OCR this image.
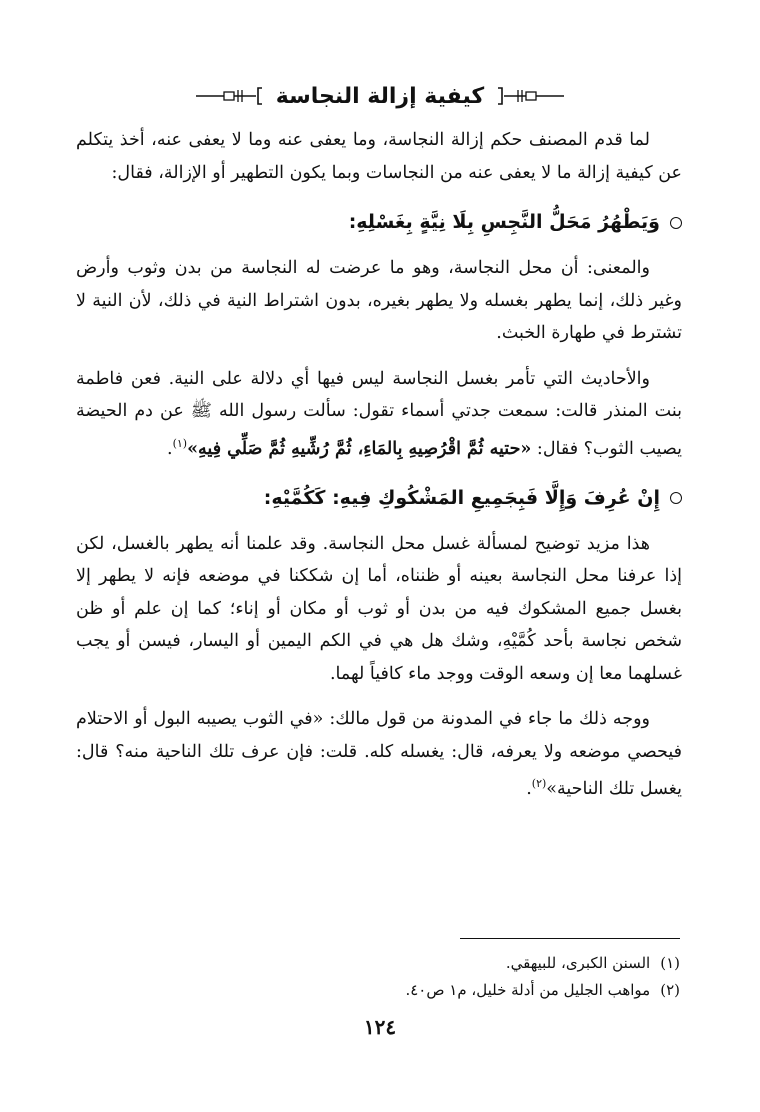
كيفية إزالة النجاسة

لما قدم المصنف حكم إزالة النجاسة، وما يعفى عنه وما لا يعفى عنه، أخذ يتكلم عن كيفية إزالة ما لا يعفى عنه من النجاسات وبما يكون التطهير أو الإزالة، فقال:

وَيَطْهُرُ مَحَلُّ النَّجِسِ بِلَا نِيَّةٍ بِغَسْلِهِ:

والمعنى: أن محل النجاسة، وهو ما عرضت له النجاسة من بدن وثوب وأرض وغير ذلك، إنما يطهر بغسله ولا يطهر بغيره، بدون اشتراط النية في ذلك، لأن النية لا تشترط في طهارة الخبث.

والأحاديث التي تأمر بغسل النجاسة ليس فيها أي دلالة على النية. فعن فاطمة بنت المنذر قالت: سمعت جدتي أسماء تقول: سألت رسول الله ﷺ عن دم الحيضة يصيب الثوب؟ فقال: «حتيه ثُمَّ اقْرُصِيهِ بِالمَاءِ، ثُمَّ رُشِّيهِ ثُمَّ صَلِّي فِيهِ»$^{(١)}$.

إِنْ عُرِفَ وَإِلَّا فَبِجَمِيعِ المَشْكُوكِ فِيهِ: كَكُمَّيْهِ:

هذا مزيد توضيح لمسألة غسل محل النجاسة. وقد علمنا أنه يطهر بالغسل، لكن إذا عرفنا محل النجاسة بعينه أو ظنناه، أما إن شككنا في موضعه فإنه لا يطهر إلا بغسل جميع المشكوك فيه من بدن أو ثوب أو مكان أو إناء؛ كما إن علم أو ظن شخص نجاسة بأحد كُمَّيْهِ، وشك هل هي في الكم اليمين أو اليسار، فيسن أو يجب غسلهما معا إن وسعه الوقت ووجد ماء كافياً لهما.

ووجه ذلك ما جاء في المدونة من قول مالك: «في الثوب يصيبه البول أو الاحتلام فيحصي موضعه ولا يعرفه، قال: يغسله كله. قلت: فإن عرف تلك الناحية منه؟ قال: يغسل تلك الناحية»$^{(٢)}$.

(١)
السنن الكبرى، للبيهقي.
(٢)
مواهب الجليل من أدلة خليل، م١ ص٤٠.
١٢٤
